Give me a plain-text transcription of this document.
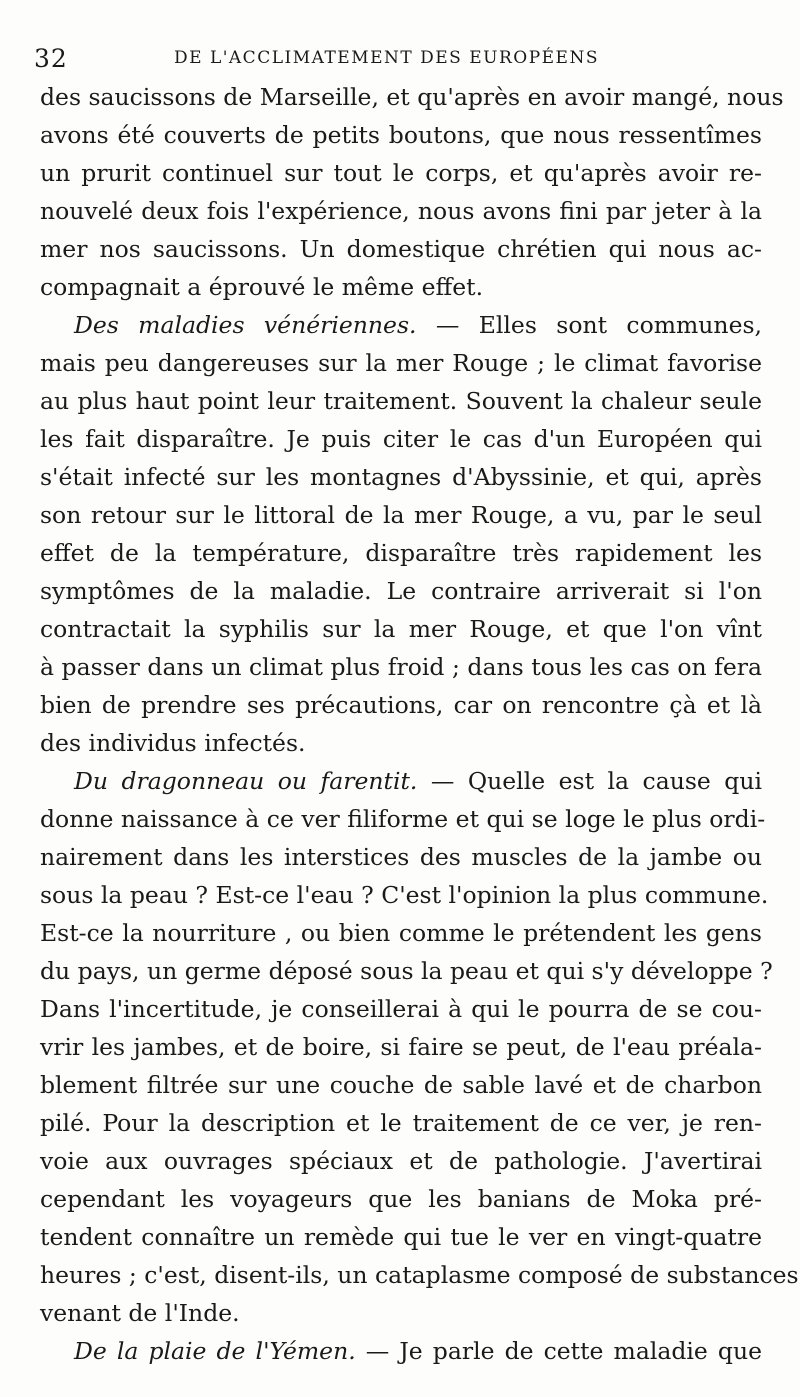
32	DE L'ACCLIMATEMENT DES EUROPÉENS
des saucissons de Marseille, et qu'après en avoir mangé, nous
avons été couverts de petits boutons, que nous ressentîmes
un prurit continuel sur tout le corps, et qu'après avoir re-
nouvelé deux fois l'expérience, nous avons fini par jeter à la
mer nos saucissons. Un domestique chrétien qui nous ac-
compagnait a éprouvé le même effet.
Des maladies vénériennes. — Elles sont communes,
mais peu dangereuses sur la mer Rouge ; le climat favorise
au plus haut point leur traitement. Souvent la chaleur seule
les fait disparaître. Je puis citer le cas d'un Européen qui
s'était infecté sur les montagnes d'Abyssinie, et qui, après
son retour sur le littoral de la mer Rouge, a vu, par le seul
effet de la température, disparaître très rapidement les
symptômes de la maladie. Le contraire arriverait si l'on
contractait la syphilis sur la mer Rouge, et que l'on vînt
à passer dans un climat plus froid ; dans tous les cas on fera
bien de prendre ses précautions, car on rencontre çà et là
des individus infectés.
Du dragonneau ou farentit. — Quelle est la cause qui
donne naissance à ce ver filiforme et qui se loge le plus ordi-
nairement dans les interstices des muscles de la jambe ou
sous la peau ? Est-ce l'eau ? C'est l'opinion la plus commune.
Est-ce la nourriture , ou bien comme le prétendent les gens
du pays, un germe déposé sous la peau et qui s'y développe ?
Dans l'incertitude, je conseillerai à qui le pourra de se cou-
vrir les jambes, et de boire, si faire se peut, de l'eau préala-
blement filtrée sur une couche de sable lavé et de charbon
pilé. Pour la description et le traitement de ce ver, je ren-
voie aux ouvrages spéciaux et de pathologie. J'avertirai
cependant les voyageurs que les banians de Moka pré-
tendent connaître un remède qui tue le ver en vingt-quatre
heures ; c'est, disent-ils, un cataplasme composé de substances
venant de l'Inde.
De la plaie de l'Yémen. — Je parle de cette maladie que
